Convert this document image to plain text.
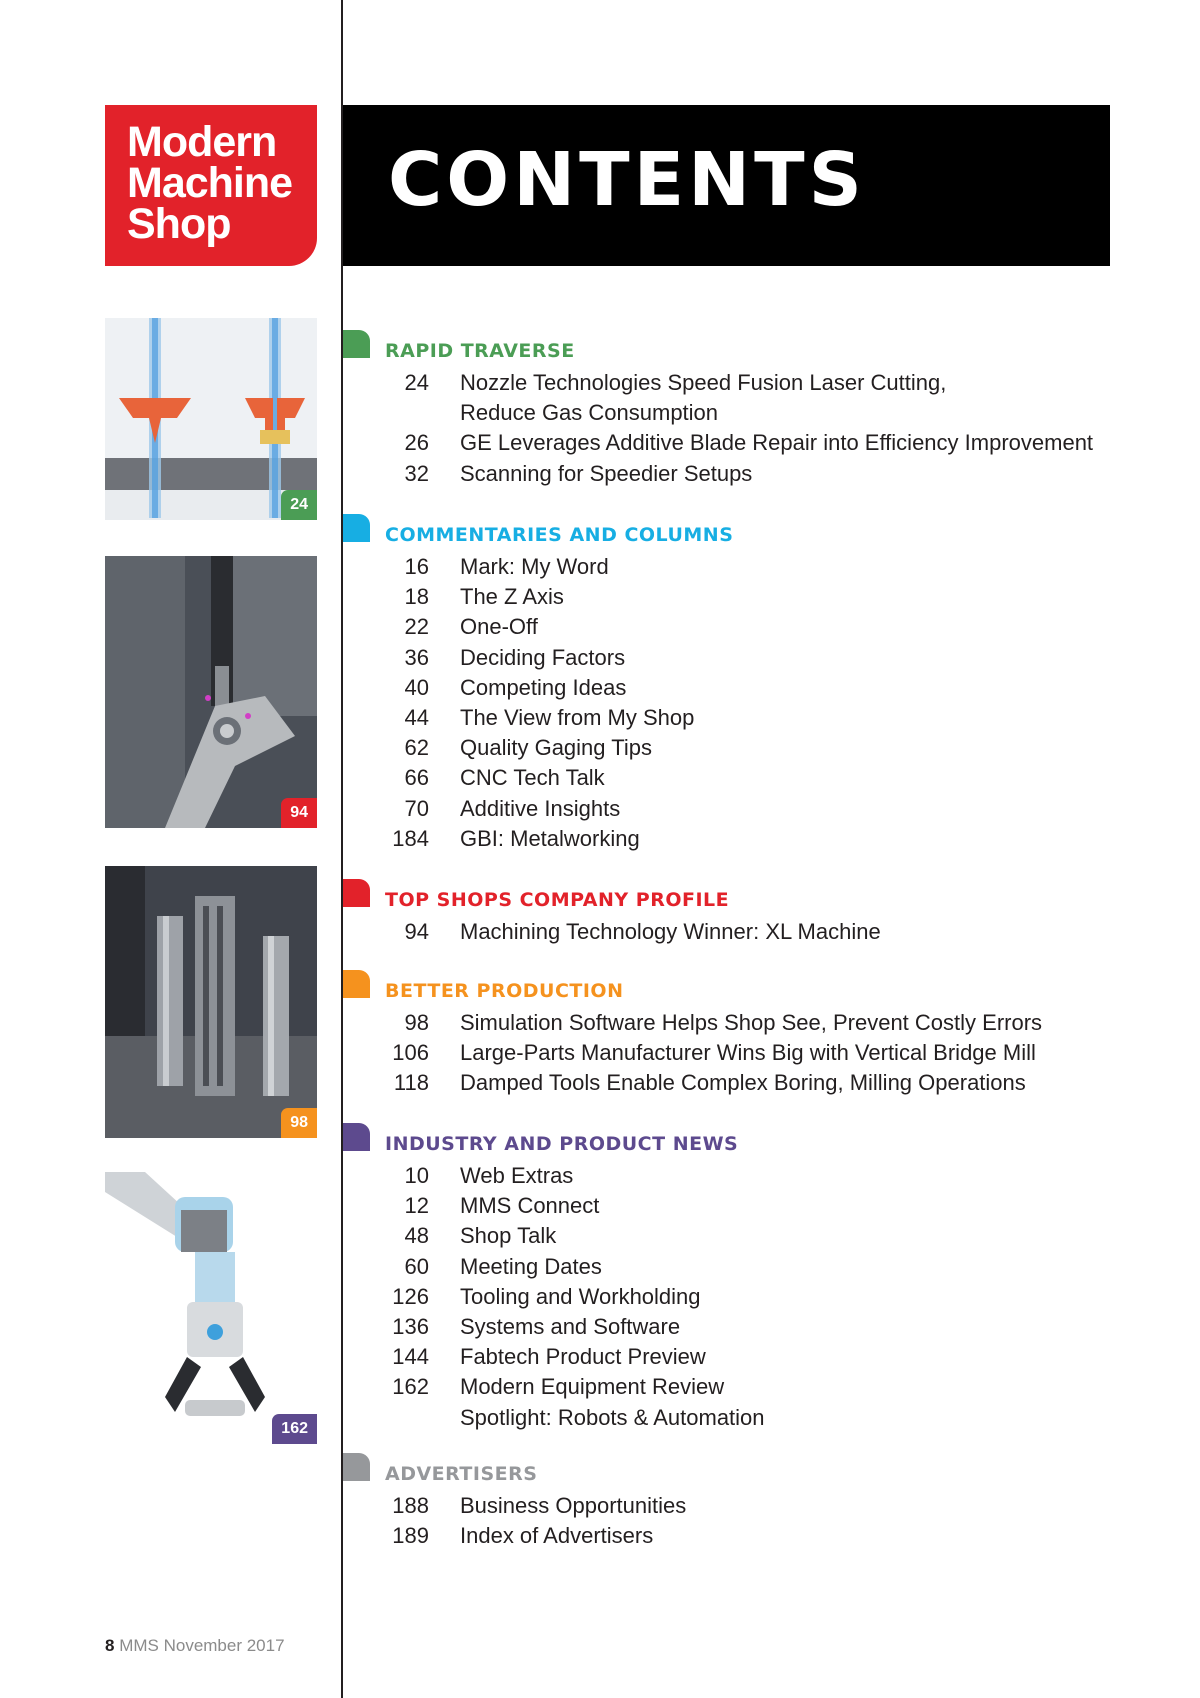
Modern
Machine
Shop
CONTENTS
24
94
98
162
RAPID TRAVERSE
24 Nozzle Technologies Speed Fusion Laser Cutting,
Reduce Gas Consumption
26 GE Leverages Additive Blade Repair into Efficiency Improvement
32 Scanning for Speedier Setups
COMMENTARIES AND COLUMNS
16 Mark: My Word
18 The Z Axis
22 One-Off
36 Deciding Factors
40 Competing Ideas
44 The View from My Shop
62 Quality Gaging Tips
66 CNC Tech Talk
70 Additive Insights
184 GBI: Metalworking
TOP SHOPS COMPANY PROFILE
94 Machining Technology Winner: XL Machine
BETTER PRODUCTION
98 Simulation Software Helps Shop See, Prevent Costly Errors
106 Large-Parts Manufacturer Wins Big with Vertical Bridge Mill
118 Damped Tools Enable Complex Boring, Milling Operations
INDUSTRY AND PRODUCT NEWS
10 Web Extras
12 MMS Connect
48 Shop Talk
60 Meeting Dates
126 Tooling and Workholding
136 Systems and Software
144 Fabtech Product Preview
162 Modern Equipment Review
Spotlight: Robots & Automation
ADVERTISERS
188 Business Opportunities
189 Index of Advertisers
8 MMS November 2017
